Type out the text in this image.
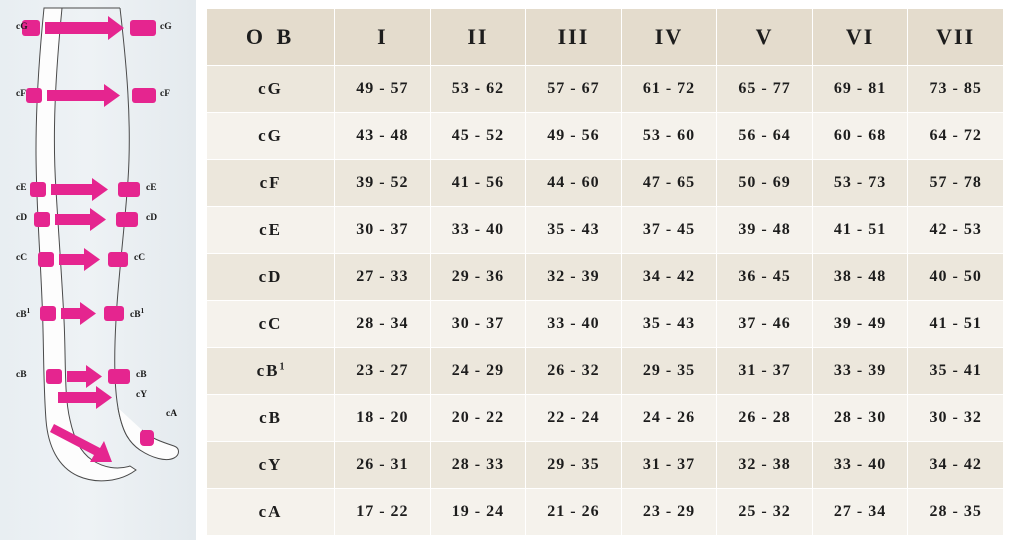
cG
cF
cE
cD
cC
$cB^1$
cB
cG
cF
cE
cD
cC
$cB^1$
cB
cY
cA
O B	I	II	III	IV	V	VI	VII
cG	49 - 57	53 - 62	57 - 67	61 - 72	65 - 77	69 - 81	73 - 85
cG	43 - 48	45 - 52	49 - 56	53 - 60	56 - 64	60 - 68	64 - 72
cF	39 - 52	41 - 56	44 - 60	47 - 65	50 - 69	53 - 73	57 - 78
cE	30 - 37	33 - 40	35 - 43	37 - 45	39 - 48	41 - 51	42 - 53
cD	27 - 33	29 - 36	32 - 39	34 - 42	36 - 45	38 - 48	40 - 50
cC	28 - 34	30 - 37	33 - 40	35 - 43	37 - 46	39 - 49	41 - 51
$cB^1$	23 - 27	24 - 29	26 - 32	29 - 35	31 - 37	33 - 39	35 - 41
cB	18 - 20	20 - 22	22 - 24	24 - 26	26 - 28	28 - 30	30 - 32
cY	26 - 31	28 - 33	29 - 35	31 - 37	32 - 38	33 - 40	34 - 42
cA	17 - 22	19 - 24	21 - 26	23 - 29	25 - 32	27 - 34	28 - 35
